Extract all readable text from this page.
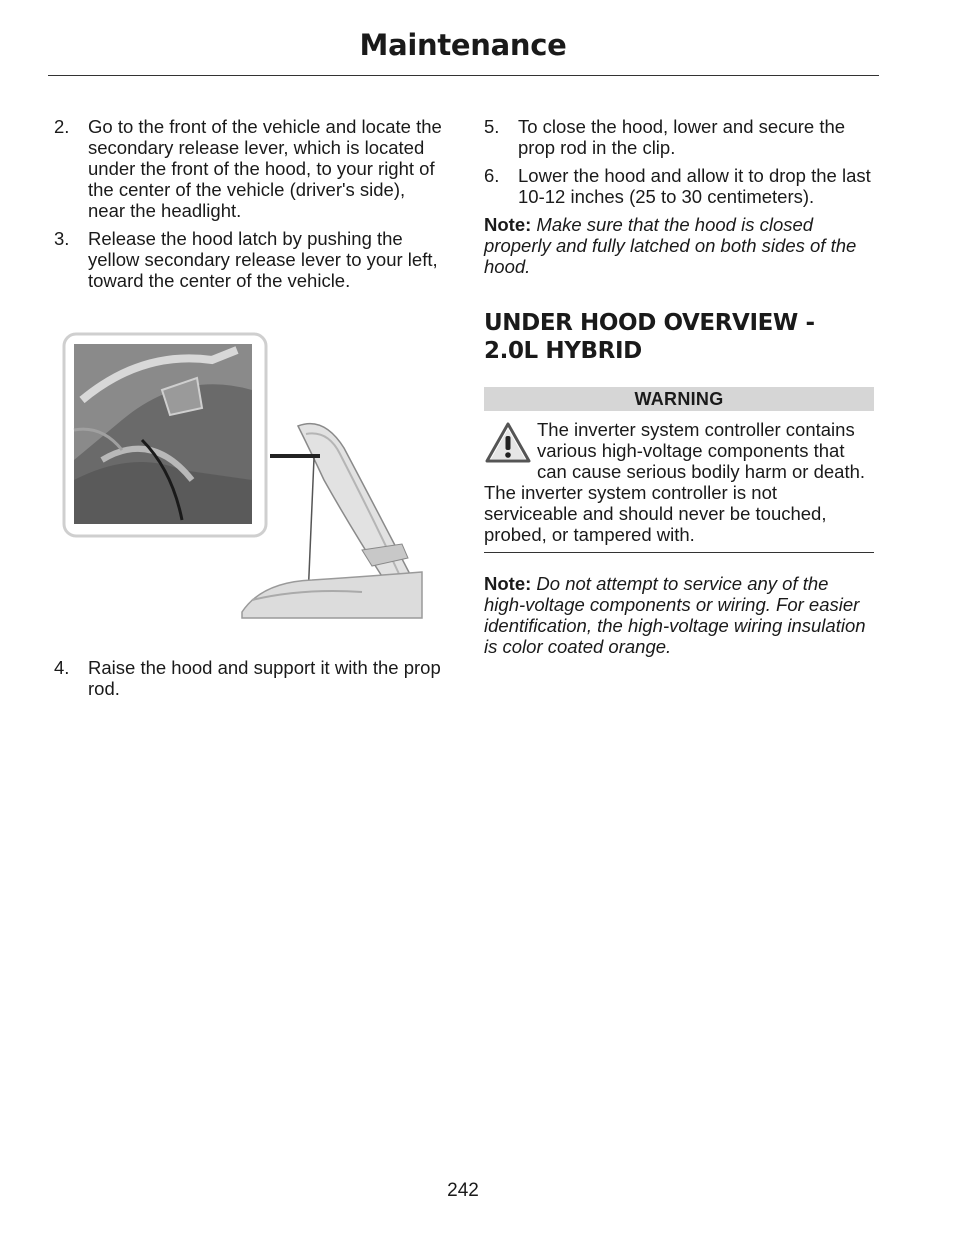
Maintenance
2.	Go to the front of the vehicle and locate the secondary release lever, which is located under the front of the hood, to your right of the center of the vehicle (driver's side), near the headlight.
3.	Release the hood latch by pushing the yellow secondary release lever to your left, toward the center of the vehicle.
4.	Raise the hood and support it with the prop rod.
5.	To close the hood, lower and secure the prop rod in the clip.
6.	Lower the hood and allow it to drop the last 10-12 inches (25 to 30 centimeters).
Note: Make sure that the hood is closed properly and fully latched on both sides of the hood.
UNDER HOOD OVERVIEW - 2.0L HYBRID
WARNING
The inverter system controller contains various high-voltage components that can cause serious bodily harm or death. The inverter system controller is not serviceable and should never be touched, probed, or tampered with.
Note: Do not attempt to service any of the high-voltage components or wiring. For easier identification, the high-voltage wiring insulation is color coated orange.
242
